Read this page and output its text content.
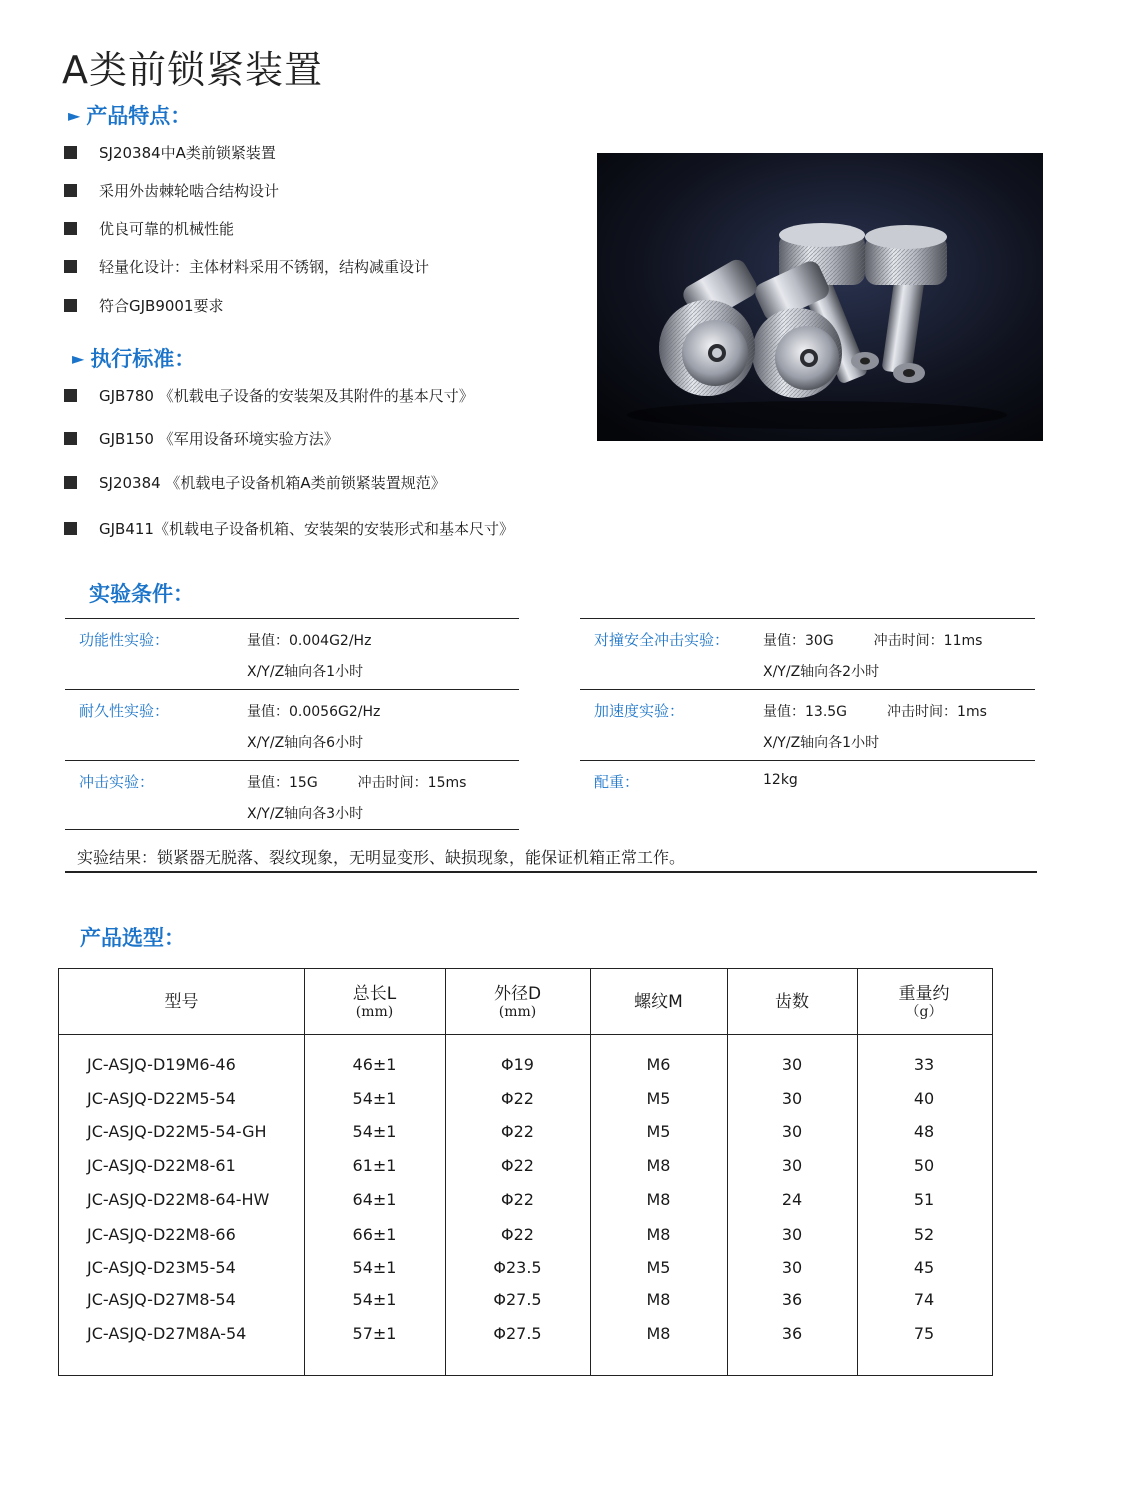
A类前锁紧装置
► 产品特点：
SJ20384中A类前锁紧装置
采用外齿棘轮啮合结构设计
优良可靠的机械性能
轻量化设计：主体材料采用不锈钢，结构减重设计
符合GJB9001要求
► 执行标准：
GJB780 《机载电子设备的安装架及其附件的基本尺寸》
GJB150 《军用设备环境实验方法》
SJ20384 《机载电子设备机箱A类前锁紧装置规范》
GJB411《机载电子设备机箱、安装架的安装形式和基本尺寸》
实验条件：
功能性实验：	量值：0.004G2/Hz
X/Y/Z轴向各1小时
耐久性实验：	量值：0.0056G2/Hz
X/Y/Z轴向各6小时
冲击实验：	量值：15G	冲击时间：15ms
X/Y/Z轴向各3小时
对撞安全冲击实验： 量值：30G	冲击时间：11ms
X/Y/Z轴向各2小时
加速度实验：	量值：13.5G	冲击时间：1ms
X/Y/Z轴向各1小时
配重：	12kg
实验结果：锁紧器无脱落、裂纹现象，无明显变形、缺损现象，能保证机箱正常工作。
产品选型：
型号	总长L
(mm)
外径D
(mm)	螺纹M	齿数	重量约
（g）
JC-ASJQ-D19M6-46	46±1	Φ19	M6	30	33
JC-ASJQ-D22M5-54	54±1	Φ22	M5	30	40
JC-ASJQ-D22M5-54-GH	54±1	Φ22	M5	30	48
JC-ASJQ-D22M8-61	61±1	Φ22	M8	30	50
JC-ASJQ-D22M8-64-HW	64±1	Φ22	M8	24	51
JC-ASJQ-D22M8-66	66±1	Φ22	M8	30	52
JC-ASJQ-D23M5-54	54±1	Φ23.5	M5	30	45
JC-ASJQ-D27M8-54	54±1	Φ27.5	M8	36	74
JC-ASJQ-D27M8A-54	57±1	Φ27.5	M8	36	75
